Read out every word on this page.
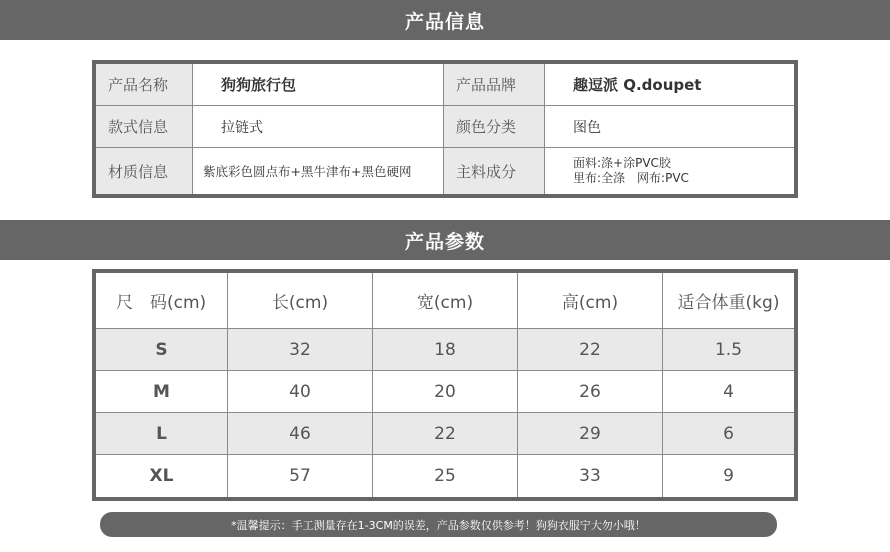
产品信息
产品名称	狗狗旅行包	产品品牌	趣逗派 Q.doupet
款式信息	拉链式	颜色分类	图色
材质信息	紫底彩色圆点布+黑牛津布+黑色硬网	主料成分	面料:涤+涂PVC胶
里布:全涤　网布:PVC
产品参数
尺　码(cm)	长(cm)	宽(cm)	高(cm)	适合体重(kg)
S	32	18	22	1.5
M	40	20	26	4
L	46	22	29	6
XL	57	25	33	9
*温馨提示：手工测量存在1-3CM的误差，产品参数仅供参考！狗狗衣服宁大勿小哦！
